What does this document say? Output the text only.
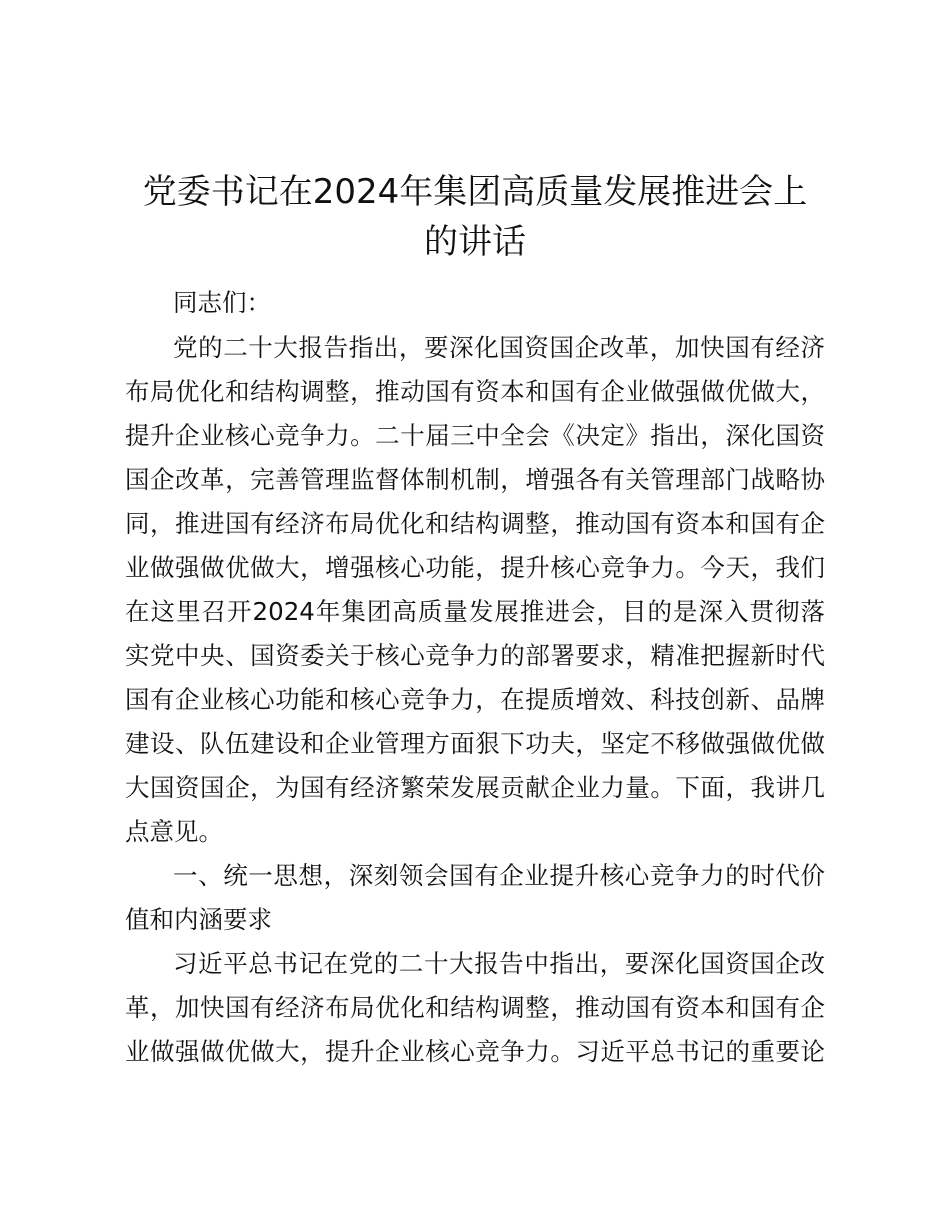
党委书记在2024年集团高质量发展推进会上
的讲话

同志们：

党的二十大报告指出，要深化国资国企改革，加快国有经济

布局优化和结构调整，推动国有资本和国有企业做强做优做大，

提升企业核心竞争力。二十届三中全会《决定》指出，深化国资

国企改革，完善管理监督体制机制，增强各有关管理部门战略协

同，推进国有经济布局优化和结构调整，推动国有资本和国有企

业做强做优做大，增强核心功能，提升核心竞争力。今天，我们

在这里召开2024年集团高质量发展推进会，目的是深入贯彻落

实党中央、国资委关于核心竞争力的部署要求，精准把握新时代

国有企业核心功能和核心竞争力，在提质增效、科技创新、品牌

建设、队伍建设和企业管理方面狠下功夫，坚定不移做强做优做

大国资国企，为国有经济繁荣发展贡献企业力量。下面，我讲几

点意见。

一、统一思想，深刻领会国有企业提升核心竞争力的时代价

值和内涵要求

习近平总书记在党的二十大报告中指出，要深化国资国企改

革，加快国有经济布局优化和结构调整，推动国有资本和国有企

业做强做优做大，提升企业核心竞争力。习近平总书记的重要论
